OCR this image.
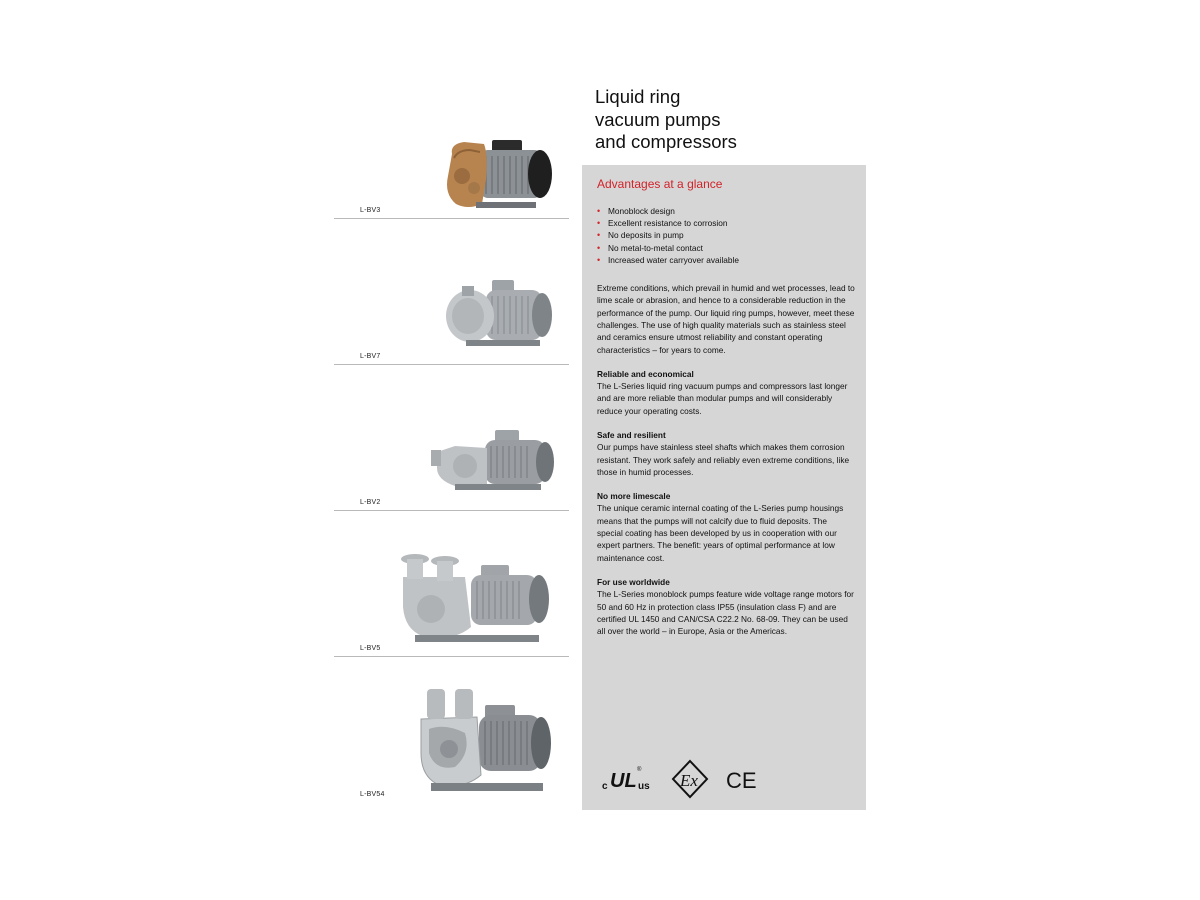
L-BV3
L-BV7
L-BV2
L-BV5
L-BV54
Liquid ring
vacuum pumps
and compressors
Advantages at a glance
• Monoblock design
• Excellent resistance to corrosion
• No deposits in pump
• No metal-to-metal contact
• Increased water carryover available

Extreme conditions, which prevail in humid and wet processes, lead to lime scale or abrasion, and hence to a considerable reduction in the performance of the pump. Our liquid ring pumps, however, meet these challenges. The use of high quality materials such as stainless steel and ceramics ensure utmost reliability and constant operating characteristics – for years to come.

Reliable and economical

The L-Series liquid ring vacuum pumps and compressors last longer and are more reliable than modular pumps and will considerably reduce your operating costs.

Safe and resilient

Our pumps have stainless steel shafts which makes them corrosion resistant. They work safely and reliably even extreme conditions, like those in humid processes.

No more limescale

The unique ceramic internal coating of the L-Series pump housings means that the pumps will not calcify due to fluid deposits. The special coating has been developed by us in cooperation with our expert partners. The benefit: years of optimal performance at low maintenance cost.

For use worldwide

The L-Series monoblock pumps feature wide voltage range motors for 50 and 60 Hz in protection class IP55 (insulation class F) and are certified UL 1450 and CAN/CSA C22.2 No. 68-09. They can be used all over the world – in Europe, Asia or the Americas.

c UL ®
us Ex CE
